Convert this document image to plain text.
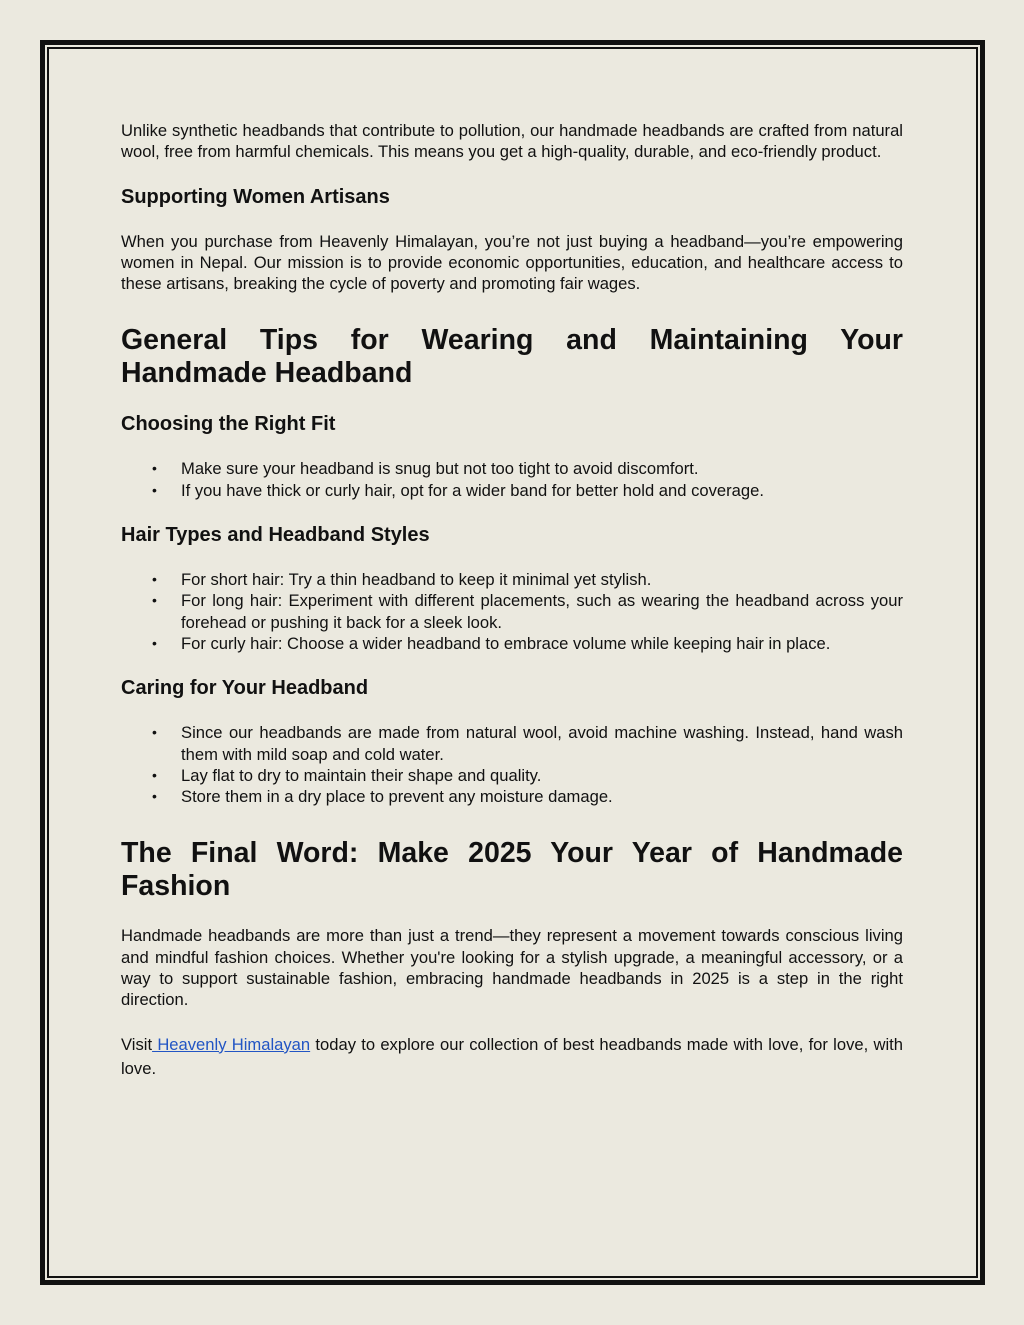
Unlike synthetic headbands that contribute to pollution, our handmade headbands are crafted from natural wool, free from harmful chemicals. This means you get a high-quality, durable, and eco-friendly product.

Supporting Women Artisans

When you purchase from Heavenly Himalayan, you’re not just buying a headband—you’re empowering women in Nepal. Our mission is to provide economic opportunities, education, and healthcare access to these artisans, breaking the cycle of poverty and promoting fair wages.

General Tips for Wearing and Maintaining Your Handmade Headband
Choosing the Right Fit
• Make sure your headband is snug but not too tight to avoid discomfort.
• If you have thick or curly hair, opt for a wider band for better hold and coverage.
Hair Types and Headband Styles
• For short hair: Try a thin headband to keep it minimal yet stylish.
• For long hair: Experiment with different placements, such as wearing the headband across your forehead or pushing it back for a sleek look.
• For curly hair: Choose a wider headband to embrace volume while keeping hair in place.
Caring for Your Headband
• Since our headbands are made from natural wool, avoid machine washing. Instead, hand wash them with mild soap and cold water.
• Lay flat to dry to maintain their shape and quality.
• Store them in a dry place to prevent any moisture damage.
The Final Word: Make 2025 Your Year of Handmade Fashion

Handmade headbands are more than just a trend—they represent a movement towards conscious living and mindful fashion choices. Whether you're looking for a stylish upgrade, a meaningful accessory, or a way to support sustainable fashion, embracing handmade headbands in 2025 is a step in the right direction.

Visit Heavenly Himalayan today to explore our collection of best headbands made with love, for love, with love.
